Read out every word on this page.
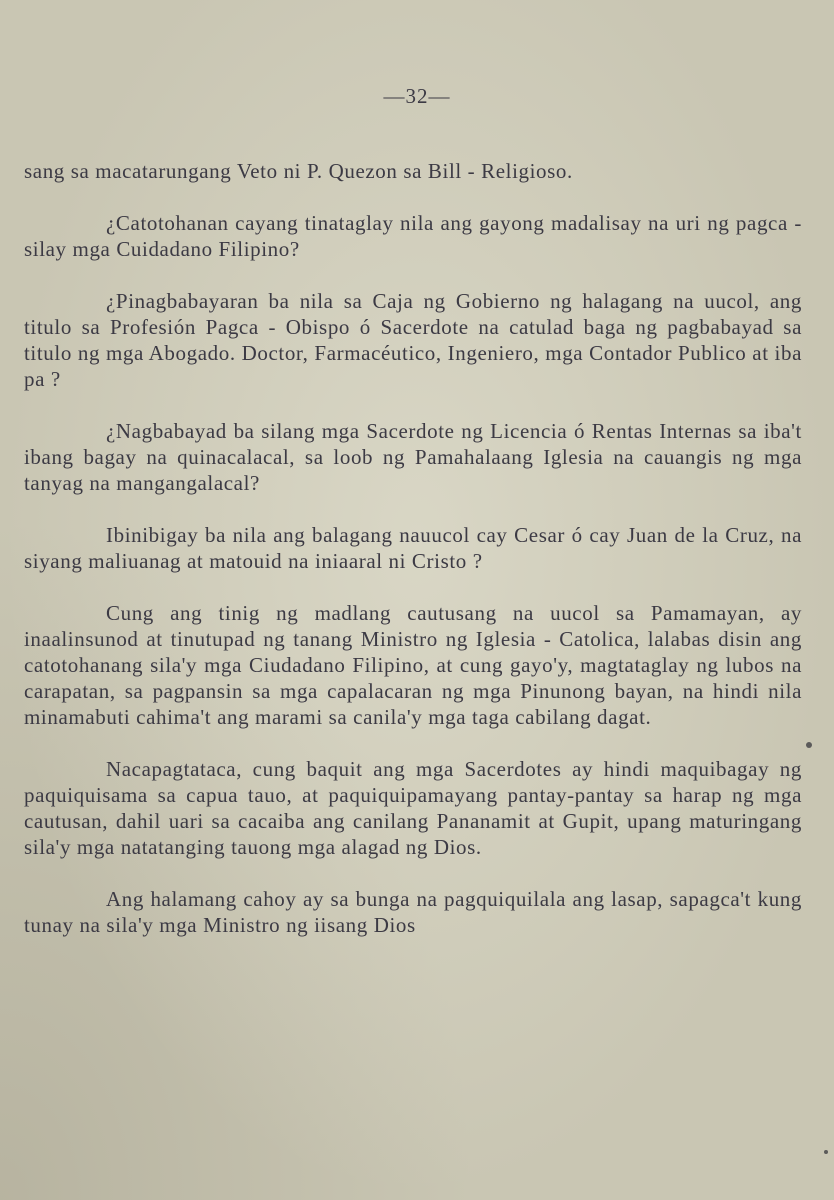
—32—

sang sa macatarungang Veto ni P. Quezon sa Bill - Religioso.

¿Catotohanan cayang tinataglay nila ang gayong madalisay na uri ng pagca - silay mga Cuidadano Filipino?

¿Pinagbabayaran ba nila sa Caja ng Gobierno ng halagang na uucol, ang titulo sa Profesión Pagca - Obispo ó Sacerdote na catulad baga ng pagbabayad sa titulo ng mga Abogado. Doctor, Farmacéutico, Ingeniero, mga Contador Publico at iba pa ?

¿Nagbabayad ba silang mga Sacerdote ng Licencia ó Rentas Internas sa iba't ibang bagay na quinacalacal, sa loob ng Pamahalaang Iglesia na cauangis ng mga tanyag na mangangalacal?

Ibinibigay ba nila ang balagang nauucol cay Cesar ó cay Juan de la Cruz, na siyang maliuanag at matouid na iniaaral ni Cristo ?

Cung ang tinig ng madlang cautusang na uucol sa Pamamayan, ay inaalinsunod at tinutupad ng tanang Ministro ng Iglesia - Catolica, lalabas disin ang catotohanang sila'y mga Ciudadano Filipino, at cung gayo'y, magtataglay ng lubos na carapatan, sa pagpansin sa mga capalacaran ng mga Pinunong bayan, na hindi nila minamabuti cahima't ang marami sa canila'y mga taga cabilang dagat.

Nacapagtataca, cung baquit ang mga Sacerdotes ay hindi maquibagay ng paquiquisama sa capua tauo, at paquiquipamayang pantay-pantay sa harap ng mga cautusan, dahil uari sa cacaiba ang canilang Pananamit at Gupit, upang maturingang sila'y mga natatanging tauong mga alagad ng Dios.

Ang halamang cahoy ay sa bunga na pagquiquilala ang lasap, sapagca't kung tunay na sila'y mga Ministro ng iisang Dios
